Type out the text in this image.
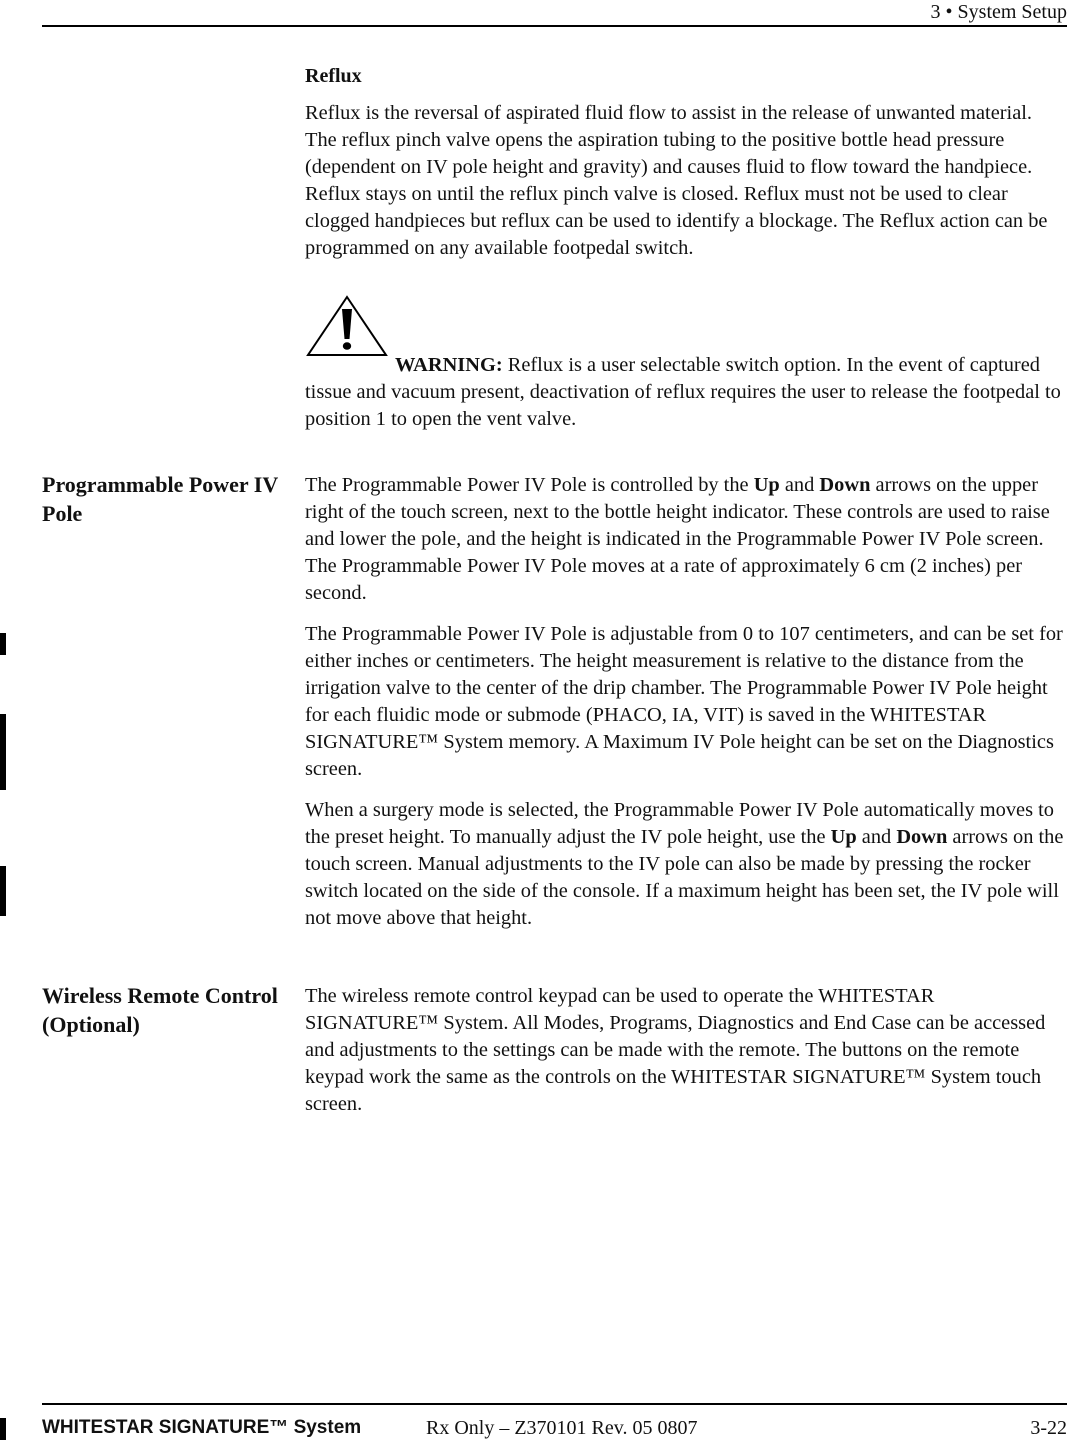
3 • System Setup

Reflux

Reflux is the reversal of aspirated fluid flow to assist in the release of unwanted material. The reflux pinch valve opens the aspiration tubing to the positive bottle head pressure (dependent on IV pole height and gravity) and causes fluid to flow toward the handpiece. Reflux stays on until the reflux pinch valve is closed. Reflux must not be used to clear clogged handpieces but reflux can be used to identify a blockage. The Reflux action can be programmed on any available footpedal switch.

WARNING: Reflux is a user selectable switch option. In the event of captured tissue and vacuum present, deactivation of reflux requires the user to release the footpedal to position 1 to open the vent valve.

Programmable Power IV Pole

The Programmable Power IV Pole is controlled by the Up and Down arrows on the upper right of the touch screen, next to the bottle height indicator. These controls are used to raise and lower the pole, and the height is indicated in the Programmable Power IV Pole screen. The Programmable Power IV Pole moves at a rate of approximately 6 cm (2 inches) per second.

The Programmable Power IV Pole is adjustable from 0 to 107 centimeters, and can be set for either inches or centimeters. The height measurement is relative to the distance from the irrigation valve to the center of the drip chamber. The Programmable Power IV Pole height for each fluidic mode or submode (PHACO, IA, VIT) is saved in the WHITESTAR SIGNATURE™ System memory. A Maximum IV Pole height can be set on the Diagnostics screen.

When a surgery mode is selected, the Programmable Power IV Pole automatically moves to the preset height. To manually adjust the IV pole height, use the Up and Down arrows on the touch screen. Manual adjustments to the IV pole can also be made by pressing the rocker switch located on the side of the console. If a maximum height has been set, the IV pole will not move above that height.

Wireless Remote Control (Optional)

The wireless remote control keypad can be used to operate the WHITESTAR SIGNATURE™ System. All Modes, Programs, Diagnostics and End Case can be accessed and adjustments to the settings can be made with the remote. The buttons on the remote keypad work the same as the controls on the WHITESTAR SIGNATURE™ System touch screen.

WHITESTAR SIGNATURE™ System	Rx Only – Z370101 Rev. 05 0807	3-22
